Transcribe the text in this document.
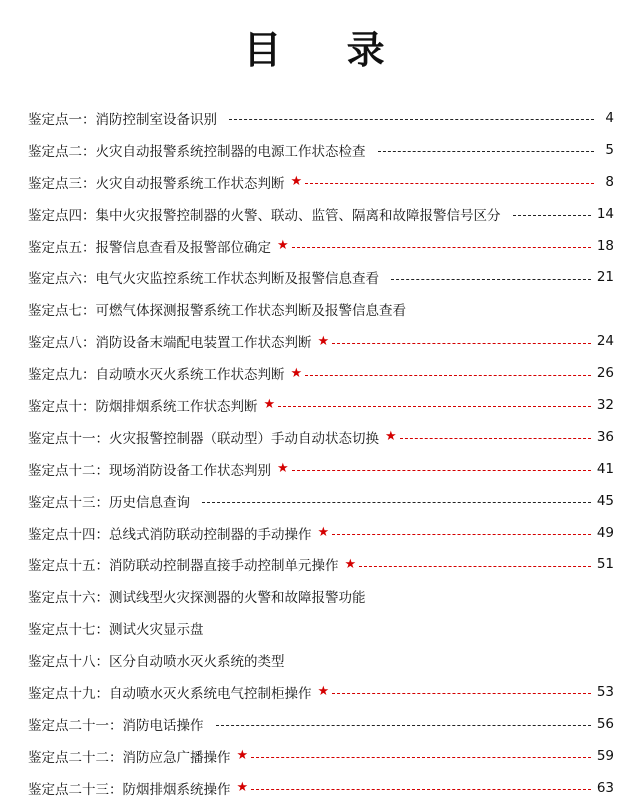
目 录
鉴定点一：消防控制室设备识别	4
鉴定点二：火灾自动报警系统控制器的电源工作状态检查	5
鉴定点三：火灾自动报警系统工作状态判断 ★	8
鉴定点四：集中火灾报警控制器的火警、联动、监管、隔离和故障报警信号区分	14
鉴定点五：报警信息查看及报警部位确定 ★	18
鉴定点六：电气火灾监控系统工作状态判断及报警信息查看	21
鉴定点七：可燃气体探测报警系统工作状态判断及报警信息查看
鉴定点八：消防设备末端配电装置工作状态判断 ★	24
鉴定点九：自动喷水灭火系统工作状态判断 ★	26
鉴定点十：防烟排烟系统工作状态判断 ★	32
鉴定点十一：火灾报警控制器（联动型）手动自动状态切换 ★	36
鉴定点十二：现场消防设备工作状态判别 ★	41
鉴定点十三：历史信息查询	45
鉴定点十四：总线式消防联动控制器的手动操作 ★	49
鉴定点十五：消防联动控制器直接手动控制单元操作 ★	51
鉴定点十六：测试线型火灾探测器的火警和故障报警功能
鉴定点十七：测试火灾显示盘
鉴定点十八：区分自动喷水灭火系统的类型
鉴定点十九：自动喷水灭火系统电气控制柜操作 ★	53
鉴定点二十一：消防电话操作	56
鉴定点二十二：消防应急广播操作 ★	59
鉴定点二十三：防烟排烟系统操作 ★	63
